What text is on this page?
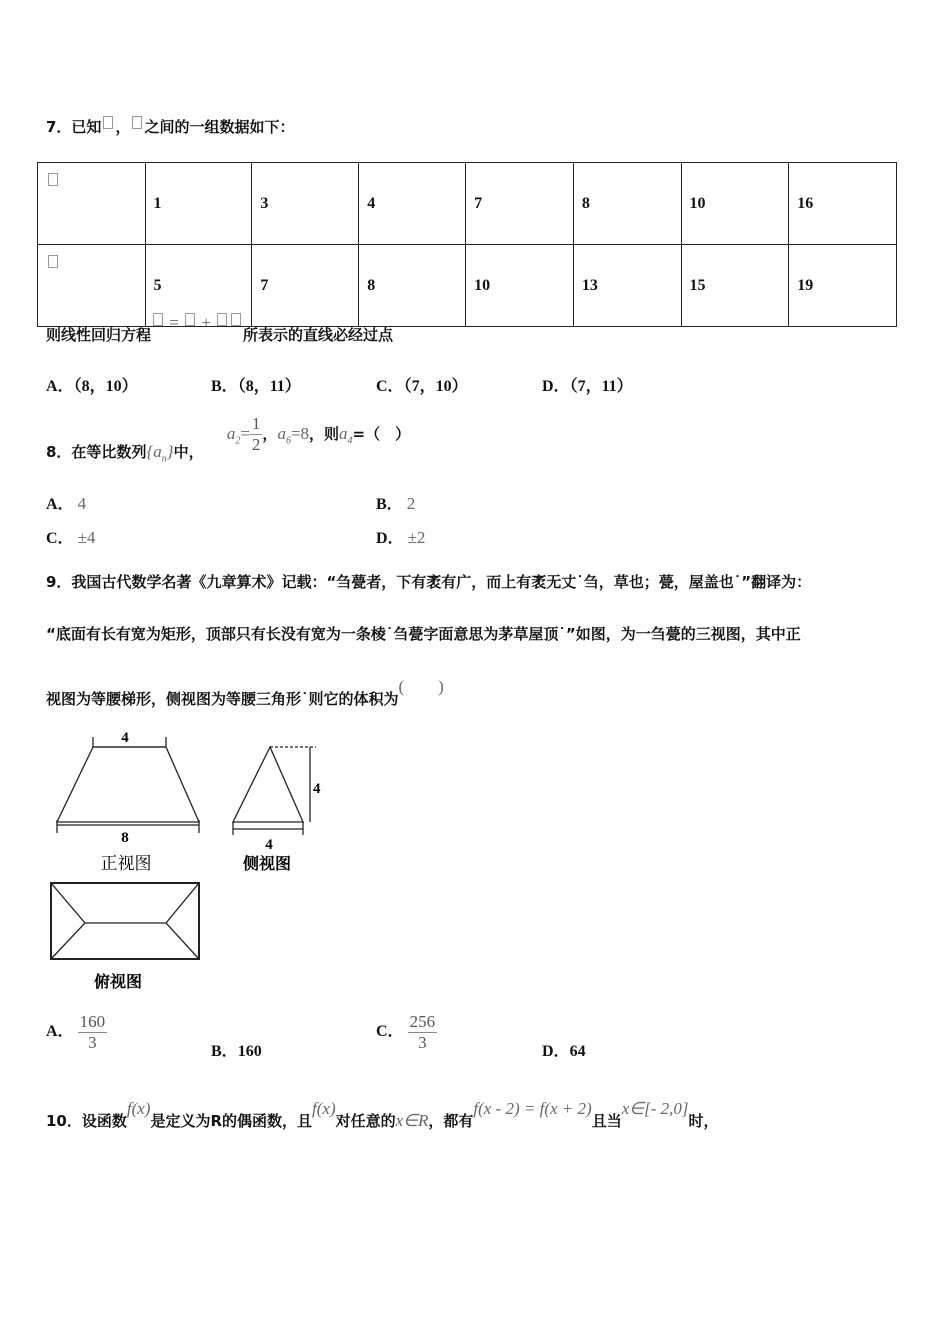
7．已知 ， 之间的一组数据如下：
	1	3	4	7	8	10	16
	5	7	8	10	13	15	19
则线性回归方程 =  + 所表示的直线必经过点
A．（8，10）	B．（8，11）	C．（7，10）	D．（7，11）
8．在等比数列$\{a_n\}$中， $a_2= \frac{1}{2}$ ，$a_6=8$，则$a_4=$（　）
A． 4	B． 2
C． ±4	D． ±2
9．我国古代数学名著《九章算术》记载：“刍甍者，下有袤有广，而上有袤无丈˙刍，草也；甍，屋盖也˙”翻译为：
“底面有长有宽为矩形，顶部只有长没有宽为一条棱˙刍甍字面意思为茅草屋顶˙”如图，为一刍甍的三视图，其中正
视图为等腰梯形，侧视图为等腰三角形˙则它的体积为(　　)
4
8
正视图
4
4
侧视图
俯视图
A． $\frac{160}{3}$	B．160
C． $\frac{256}{3}$	D．64
10．设函数f(x)是定义为R的偶函数，且f(x)对任意的x∈R，都有f(x - 2) = f(x + 2)且当x∈[- 2,0]时，
